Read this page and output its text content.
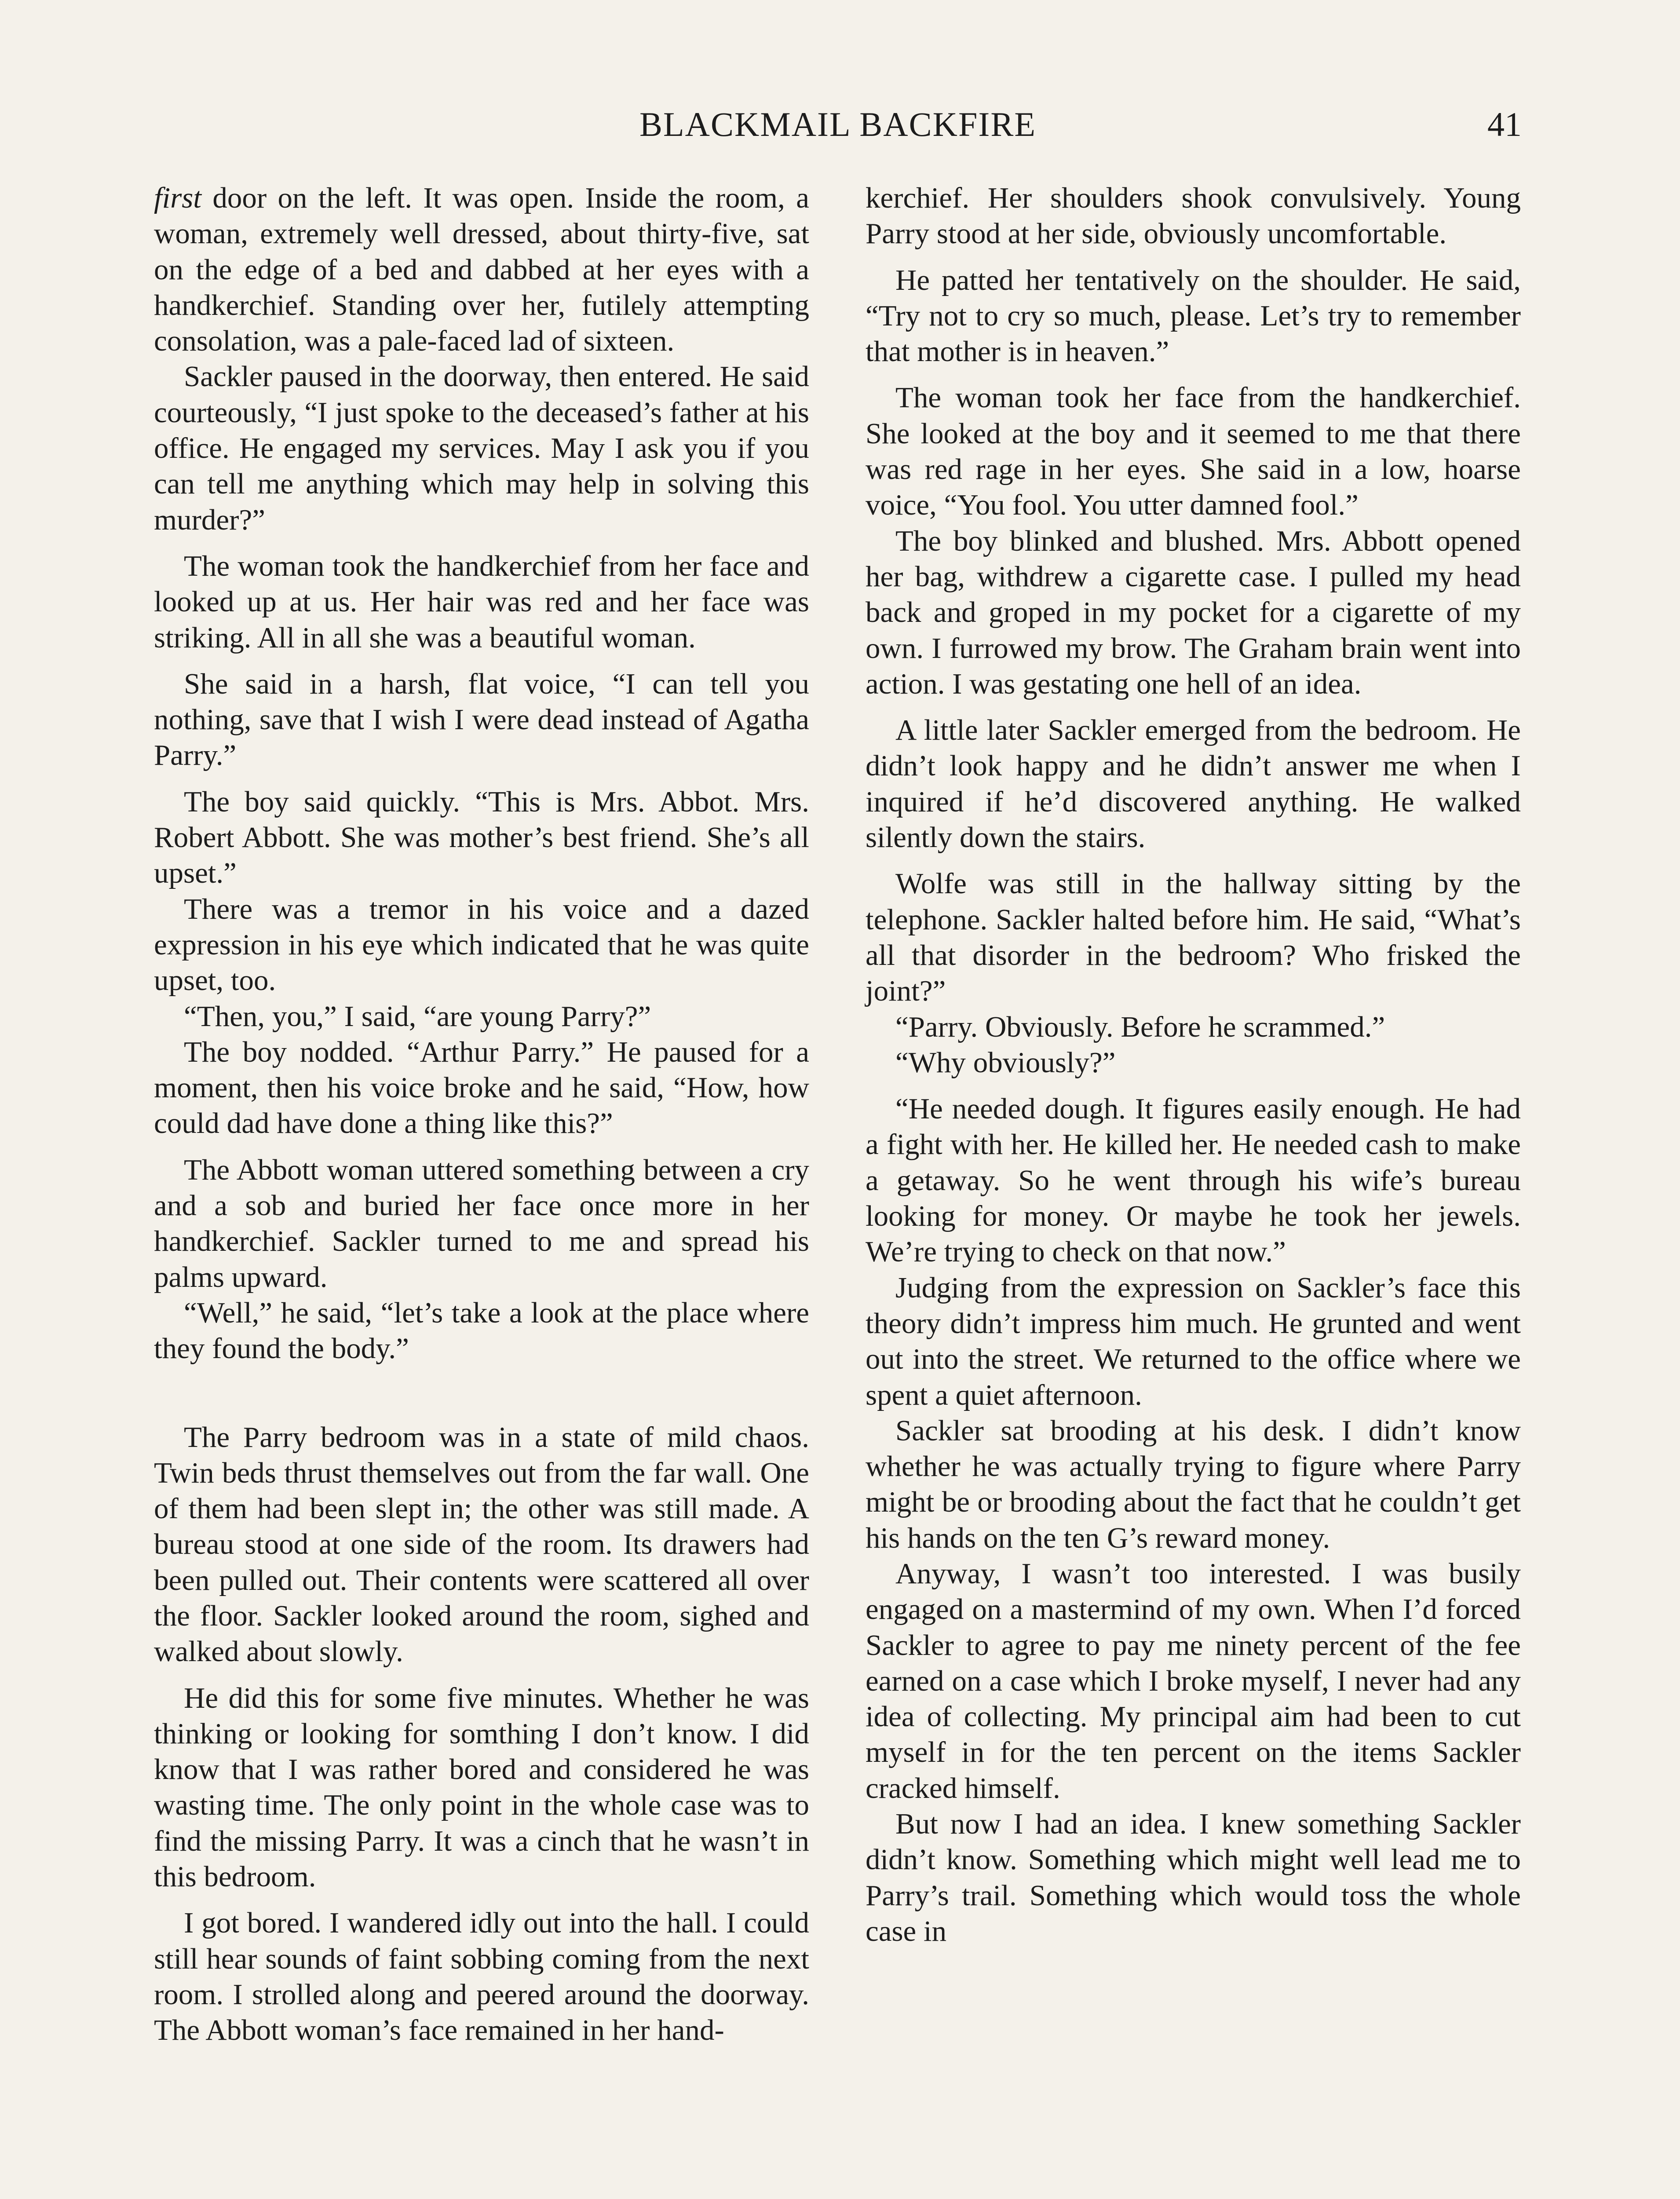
BLACKMAIL BACKFIRE	41

first door on the left. It was open. Inside the room, a woman, extremely well dressed, about thirty-five, sat on the edge of a bed and dabbed at her eyes with a handkerchief. Standing over her, futilely attempting consolation, was a pale-faced lad of sixteen.

Sackler paused in the doorway, then entered. He said courteously, “I just spoke to the deceased’s father at his office. He engaged my services. May I ask you if you can tell me anything which may help in solving this murder?”

The woman took the handkerchief from her face and looked up at us. Her hair was red and her face was striking. All in all she was a beautiful woman.

She said in a harsh, flat voice, “I can tell you nothing, save that I wish I were dead instead of Agatha Parry.”

The boy said quickly. “This is Mrs. Abbot. Mrs. Robert Abbott. She was mother’s best friend. She’s all upset.”

There was a tremor in his voice and a dazed expression in his eye which indicated that he was quite upset, too.

“Then, you,” I said, “are young Parry?”

The boy nodded. “Arthur Parry.” He paused for a moment, then his voice broke and he said, “How, how could dad have done a thing like this?”

The Abbott woman uttered something between a cry and a sob and buried her face once more in her handkerchief. Sackler turned to me and spread his palms upward.

“Well,” he said, “let’s take a look at the place where they found the body.”

The Parry bedroom was in a state of mild chaos. Twin beds thrust themselves out from the far wall. One of them had been slept in; the other was still made. A bureau stood at one side of the room. Its drawers had been pulled out. Their contents were scattered all over the floor. Sackler looked around the room, sighed and walked about slowly.

He did this for some five minutes. Whether he was thinking or looking for somthing I don’t know. I did know that I was rather bored and considered he was wasting time. The only point in the whole case was to find the missing Parry. It was a cinch that he wasn’t in this bedroom.

I got bored. I wandered idly out into the hall. I could still hear sounds of faint sobbing coming from the next room. I strolled along and peered around the doorway. The Abbott woman’s face remained in her hand-

kerchief. Her shoulders shook convulsively. Young Parry stood at her side, obviously uncomfortable.

He patted her tentatively on the shoulder. He said, “Try not to cry so much, please. Let’s try to remember that mother is in heaven.”

The woman took her face from the handkerchief. She looked at the boy and it seemed to me that there was red rage in her eyes. She said in a low, hoarse voice, “You fool. You utter damned fool.”

The boy blinked and blushed. Mrs. Abbott opened her bag, withdrew a cigarette case. I pulled my head back and groped in my pocket for a cigarette of my own. I furrowed my brow. The Graham brain went into action. I was gestating one hell of an idea.

A little later Sackler emerged from the bedroom. He didn’t look happy and he didn’t answer me when I inquired if he’d discovered anything. He walked silently down the stairs.

Wolfe was still in the hallway sitting by the telephone. Sackler halted before him. He said, “What’s all that disorder in the bedroom? Who frisked the joint?”

“Parry. Obviously. Before he scrammed.”

“Why obviously?”

“He needed dough. It figures easily enough. He had a fight with her. He killed her. He needed cash to make a getaway. So he went through his wife’s bureau looking for money. Or maybe he took her jewels. We’re trying to check on that now.”

Judging from the expression on Sackler’s face this theory didn’t impress him much. He grunted and went out into the street. We returned to the office where we spent a quiet afternoon.

Sackler sat brooding at his desk. I didn’t know whether he was actually trying to figure where Parry might be or brooding about the fact that he couldn’t get his hands on the ten G’s reward money.

Anyway, I wasn’t too interested. I was busily engaged on a mastermind of my own. When I’d forced Sackler to agree to pay me ninety percent of the fee earned on a case which I broke myself, I never had any idea of collecting. My principal aim had been to cut myself in for the ten percent on the items Sackler cracked himself.

But now I had an idea. I knew something Sackler didn’t know. Something which might well lead me to Parry’s trail. Something which would toss the whole case in
